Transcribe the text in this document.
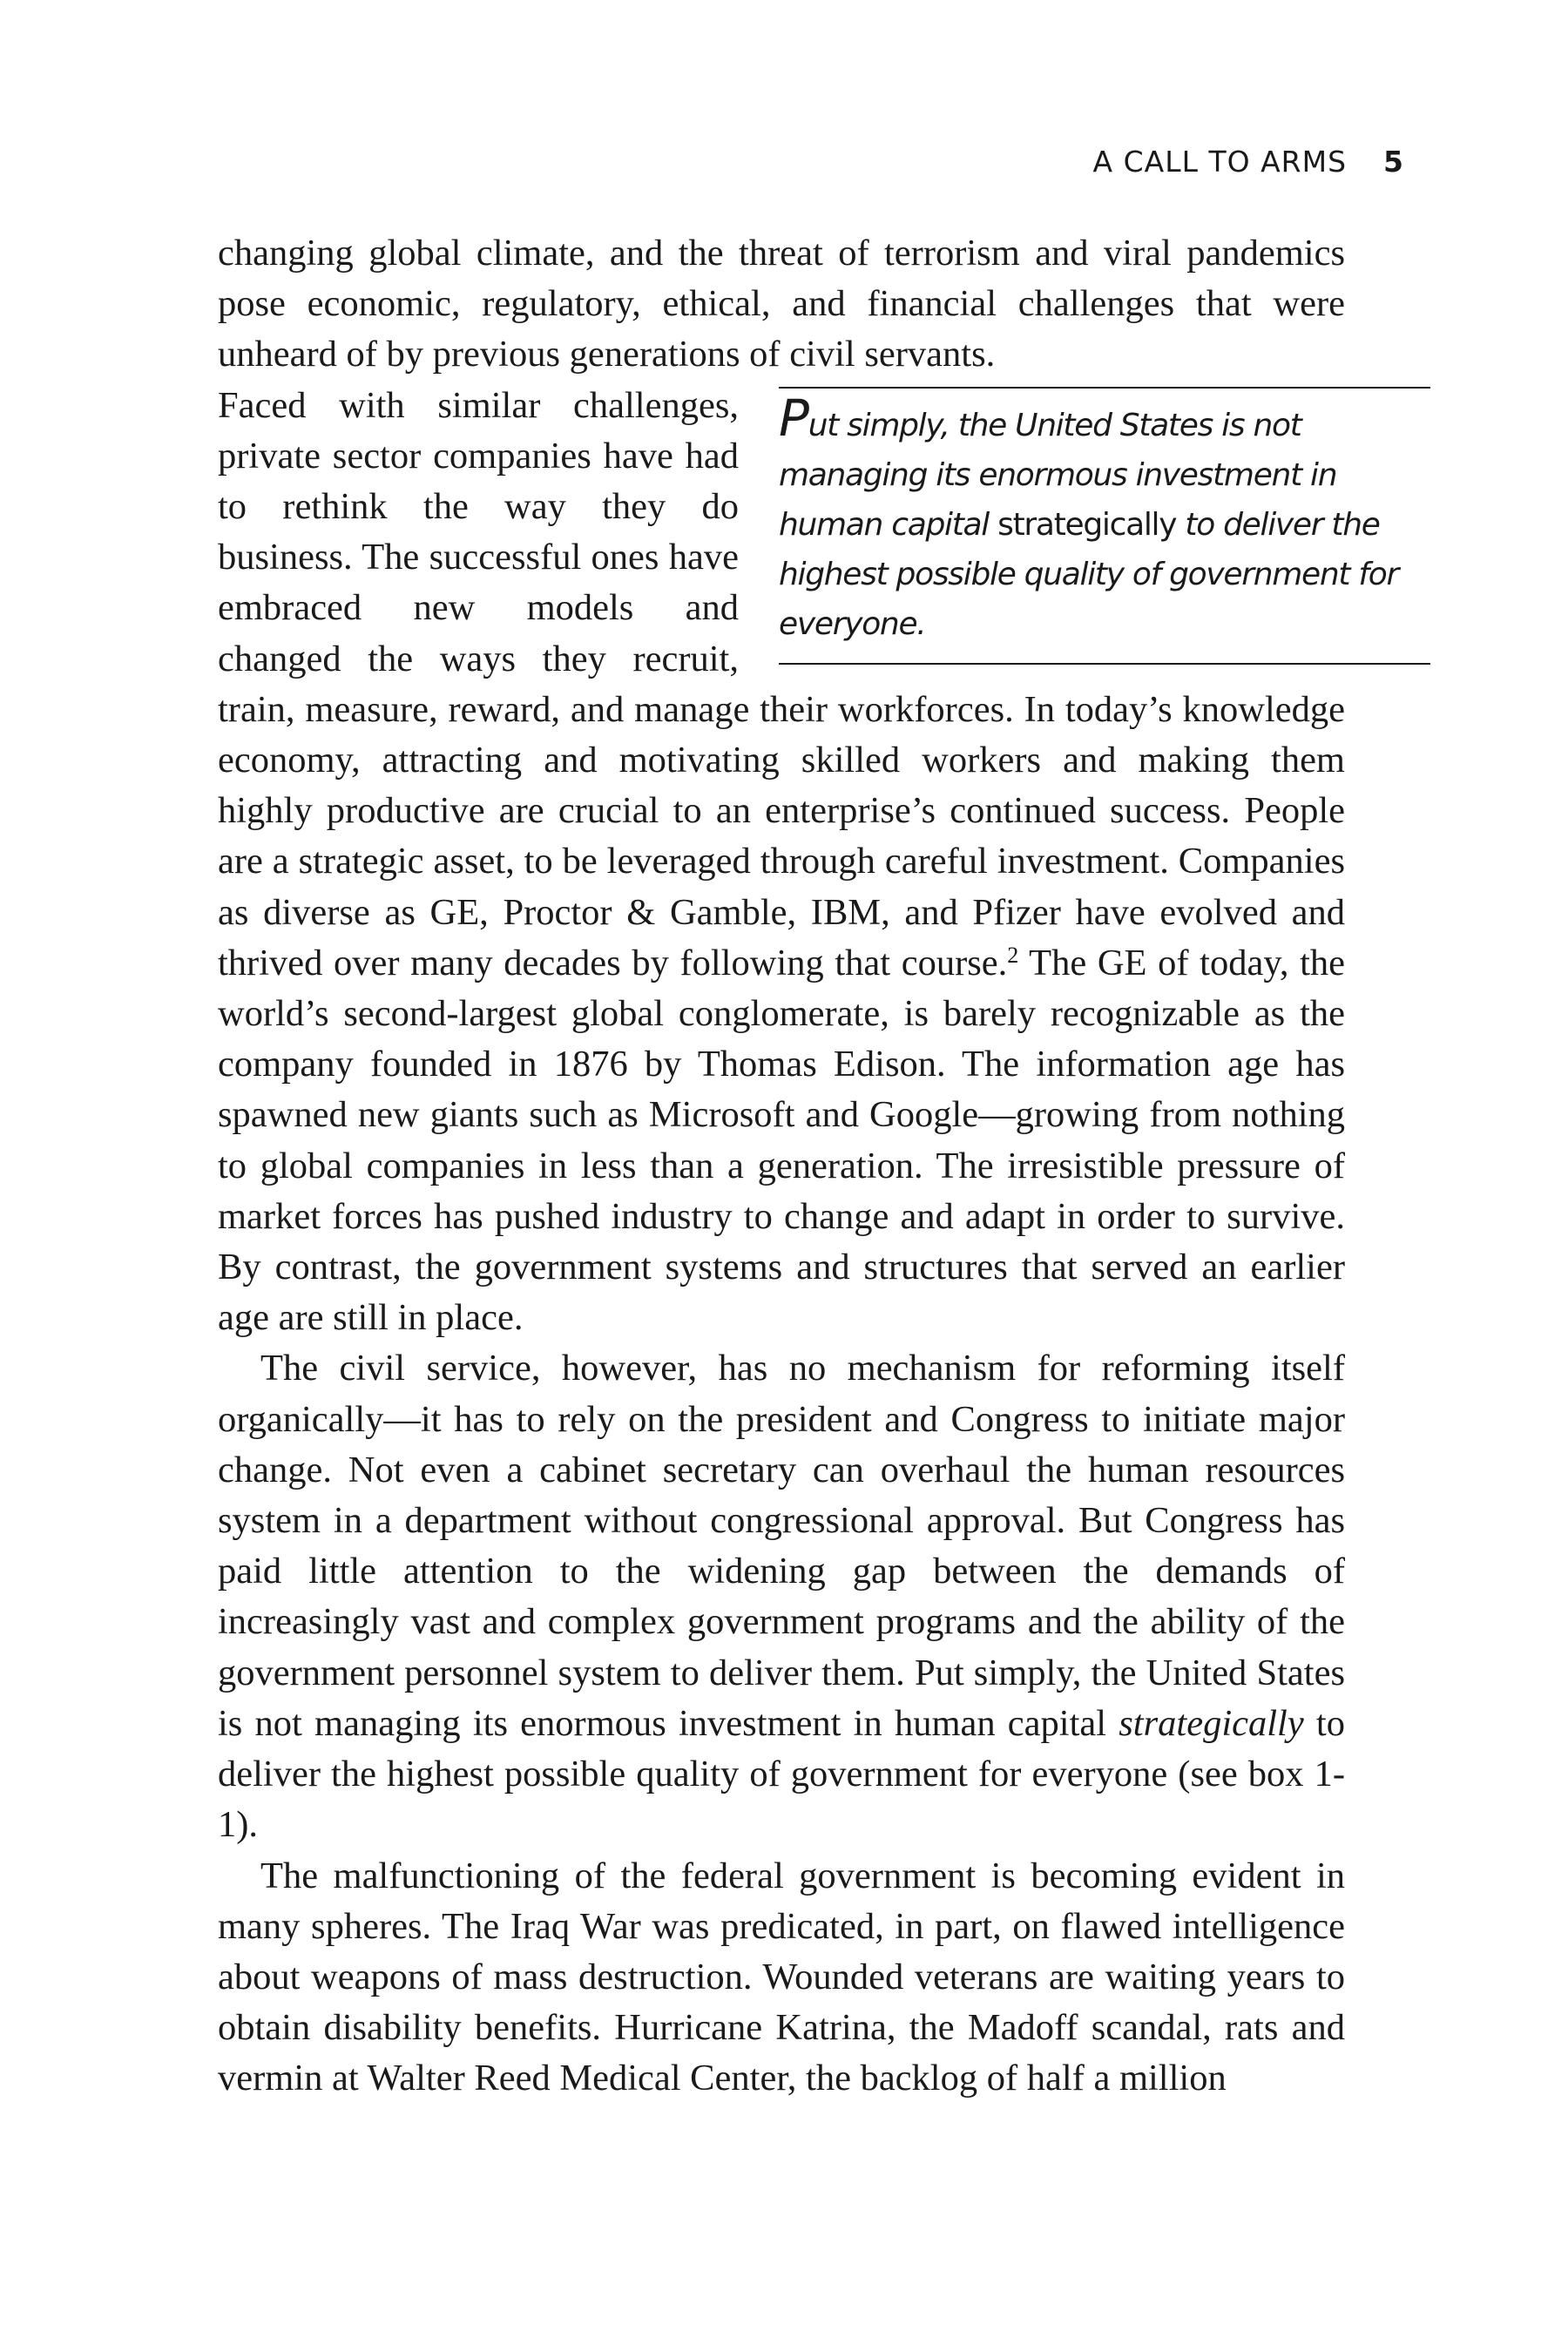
A CALL TO ARMS 5

changing global climate, and the threat of terrorism and viral pandemics pose economic, regulatory, ethical, and financial challenges that were unheard of by previous generations of civil servants.

Put simply, the United States is not managing its enormous investment in human capital strategically to deliver the highest possible quality of government for everyone.
Faced with similar challenges, private sector companies have had to rethink the way they do business. The successful ones have embraced new models and changed the ways they recruit, train, measure, reward, and manage their workforces. In today’s knowledge economy, attracting and motivating skilled workers and making them highly productive are crucial to an enterprise’s continued success. People are a strategic asset, to be leveraged through careful investment. Companies as diverse as GE, Proctor & Gamble, IBM, and Pfizer have evolved and thrived over many decades by following that course.$^2$ The GE of today, the world’s second-largest global conglomerate, is barely recognizable as the company founded in 1876 by Thomas Edison. The information age has spawned new giants such as Microsoft and Google—growing from nothing to global companies in less than a generation. The irresistible pressure of market forces has pushed industry to change and adapt in order to survive. By contrast, the government systems and structures that served an earlier age are still in place.

The civil service, however, has no mechanism for reforming itself organically—it has to rely on the president and Congress to initiate major change. Not even a cabinet secretary can overhaul the human resources system in a department without congressional approval. But Congress has paid little attention to the widening gap between the demands of increasingly vast and complex government programs and the ability of the government personnel system to deliver them. Put simply, the United States is not managing its enormous investment in human capital strategically to deliver the highest possible quality of government for everyone (see box 1-1).

The malfunctioning of the federal government is becoming evident in many spheres. The Iraq War was predicated, in part, on flawed intelligence about weapons of mass destruction. Wounded veterans are waiting years to obtain disability benefits. Hurricane Katrina, the Madoff scandal, rats and vermin at Walter Reed Medical Center, the backlog of half a million
